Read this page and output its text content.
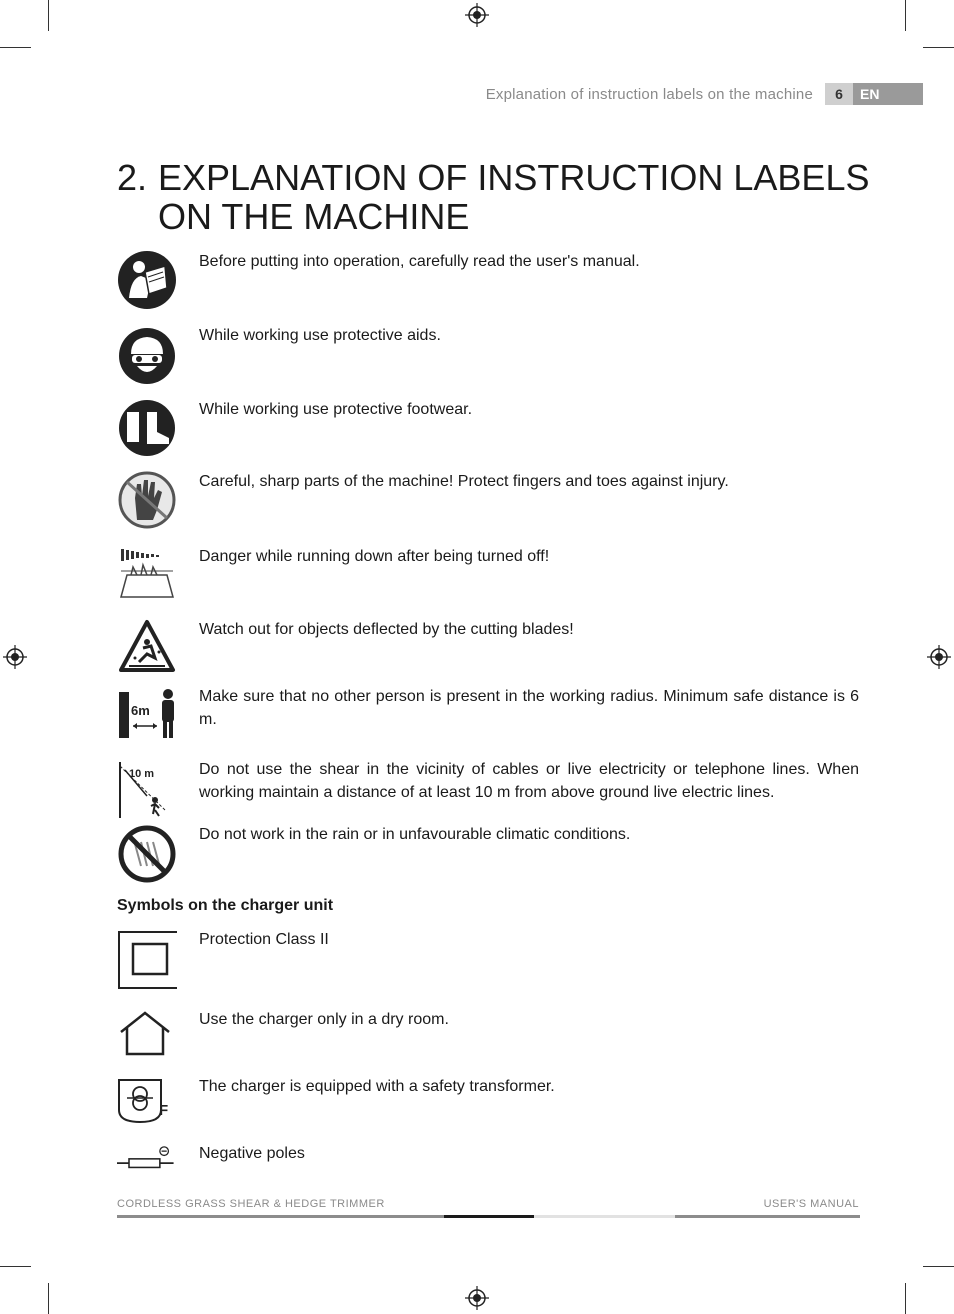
Explanation of instruction labels on the machine	6	EN
2. EXPLANATION OF INSTRUCTION LABELS
ON THE MACHINE
Before putting into operation, carefully read the user's manual.
While working use protective aids.
While working use protective footwear.
Careful, sharp parts of the machine! Protect fingers and toes against injury.
Danger while running down after being turned off!
Watch out for objects deflected by the cutting blades!
6m
Make sure that no other person is present in the working radius. Minimum safe distance is 6 m.
10 m	Do not use the shear in the vicinity of cables or live electricity or telephone lines. When working maintain a distance of at least 10 m from above ground live electric lines.
Do not work in the rain or in unfavourable climatic conditions.
Symbols on the charger unit
Protection Class II
Use the charger only in a dry room.
F
The charger is equipped with a safety transformer.
Negative poles
CORDLESS GRASS SHEAR & HEDGE TRIMMER	USER'S MANUAL
